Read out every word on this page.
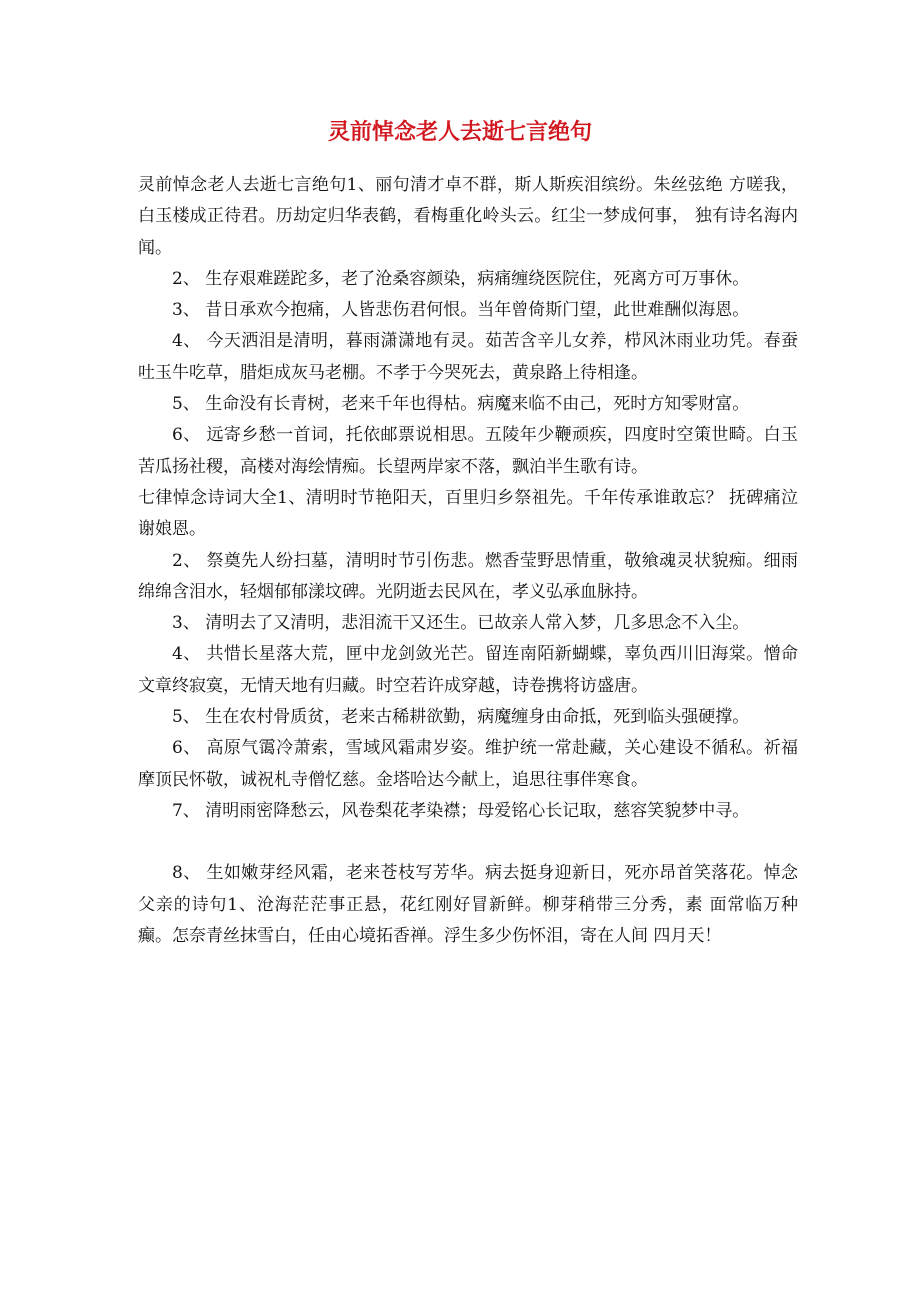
灵前悼念老人去逝七言绝句

灵前悼念老人去逝七言绝句1、丽句清才卓不群，斯人斯疾泪缤纷。朱丝弦绝 方嗟我，白玉楼成正待君。历劫定归华表鹤，看梅重化岭头云。红尘一梦成何事， 独有诗名海内闻。

2、 生存艰难蹉跎多，老了沧桑容颜染，病痛缠绕医院住，死离方可万事休。

3、 昔日承欢今抱痛，人皆悲伤君何恨。当年曾倚斯门望，此世难酬似海恩。

4、 今天洒泪是清明，暮雨潇潇地有灵。茹苦含辛儿女养，栉风沐雨业功凭。春蚕吐玉牛吃草，腊炬成灰马老棚。不孝于今哭死去，黄泉路上待相逢。

5、 生命没有长青树，老来千年也得枯。病魔来临不由己，死时方知零财富。

6、 远寄乡愁一首词，托依邮票说相思。五陵年少鞭顽疾，四度时空策世畸。白玉苦瓜扬社稷，高楼对海绘情痴。长望两岸家不落，飘泊半生歌有诗。

七律悼念诗词大全1、清明时节艳阳天，百里归乡祭祖先。千年传承谁敢忘？ 抚碑痛泣谢娘恩。

2、 祭奠先人纷扫墓，清明时节引伤悲。燃香莹野思情重，敬飨魂灵状貌痴。细雨绵绵含泪水，轻烟郁郁漾坟碑。光阴逝去民风在，孝义弘承血脉持。

3、 清明去了又清明，悲泪流干又还生。已故亲人常入梦，几多思念不入尘。

4、 共惜长星落大荒，匣中龙剑敛光芒。留连南陌新蝴蝶，辜负西川旧海棠。憎命文章终寂寞，无情天地有归藏。时空若许成穿越，诗卷携将访盛唐。

5、 生在农村骨质贫，老来古稀耕欲勤，病魔缠身由命抵，死到临头强硬撑。

6、 高原气霭冷萧索，雪域风霜肃岁姿。维护统一常赴藏，关心建设不循私。祈福摩顶民怀敬，诚祝札寺僧忆慈。金塔哈达今献上，追思往事伴寒食。

7、 清明雨密降愁云，风卷梨花孝染襟；母爱铭心长记取，慈容笑貌梦中寻。

8、 生如嫩芽经风霜，老来苍枝写芳华。病去挺身迎新日，死亦昂首笑落花。悼念父亲的诗句1、沧海茫茫事正悬，花红刚好冒新鲜。柳芽稍带三分秀，素 面常临万种癫。怎奈青丝抹雪白，任由心境拓香禅。浮生多少伤怀泪，寄在人间 四月天！
